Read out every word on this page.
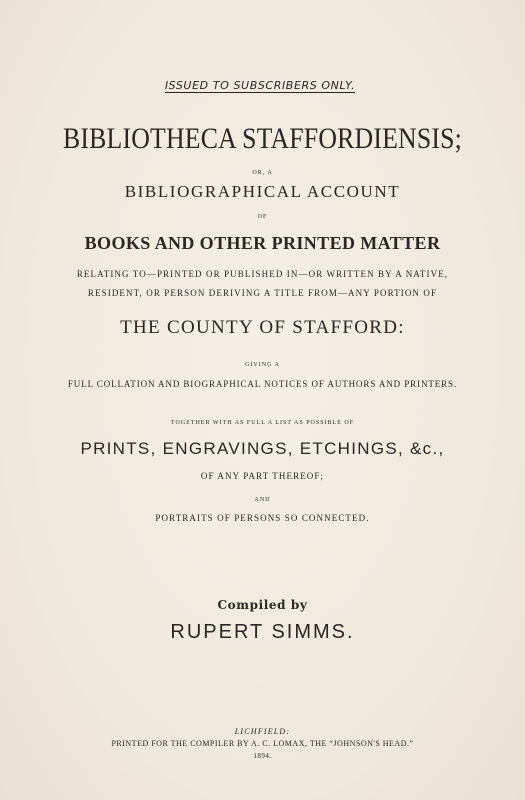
ISSUED TO SUBSCRIBERS ONLY.
BIBLIOTHECA STAFFORDIENSIS;
OR, A
BIBLIOGRAPHICAL ACCOUNT
OF
BOOKS AND OTHER PRINTED MATTER
RELATING TO—PRINTED OR PUBLISHED IN—OR WRITTEN BY A NATIVE,
RESIDENT, OR PERSON DERIVING A TITLE FROM—ANY PORTION OF
THE COUNTY OF STAFFORD:
GIVING A
FULL COLLATION AND BIOGRAPHICAL NOTICES OF AUTHORS AND PRINTERS.
TOGETHER WITH AS FULL A LIST AS POSSIBLE OF
PRINTS, ENGRAVINGS, ETCHINGS, &c.,
OF ANY PART THEREOF;
AND
PORTRAITS OF PERSONS SO CONNECTED.
Compiled by
RUPERT SIMMS.
LICHFIELD:
PRINTED FOR THE COMPILER BY A. C. LOMAX, THE “JOHNSON'S HEAD.”
1894.
